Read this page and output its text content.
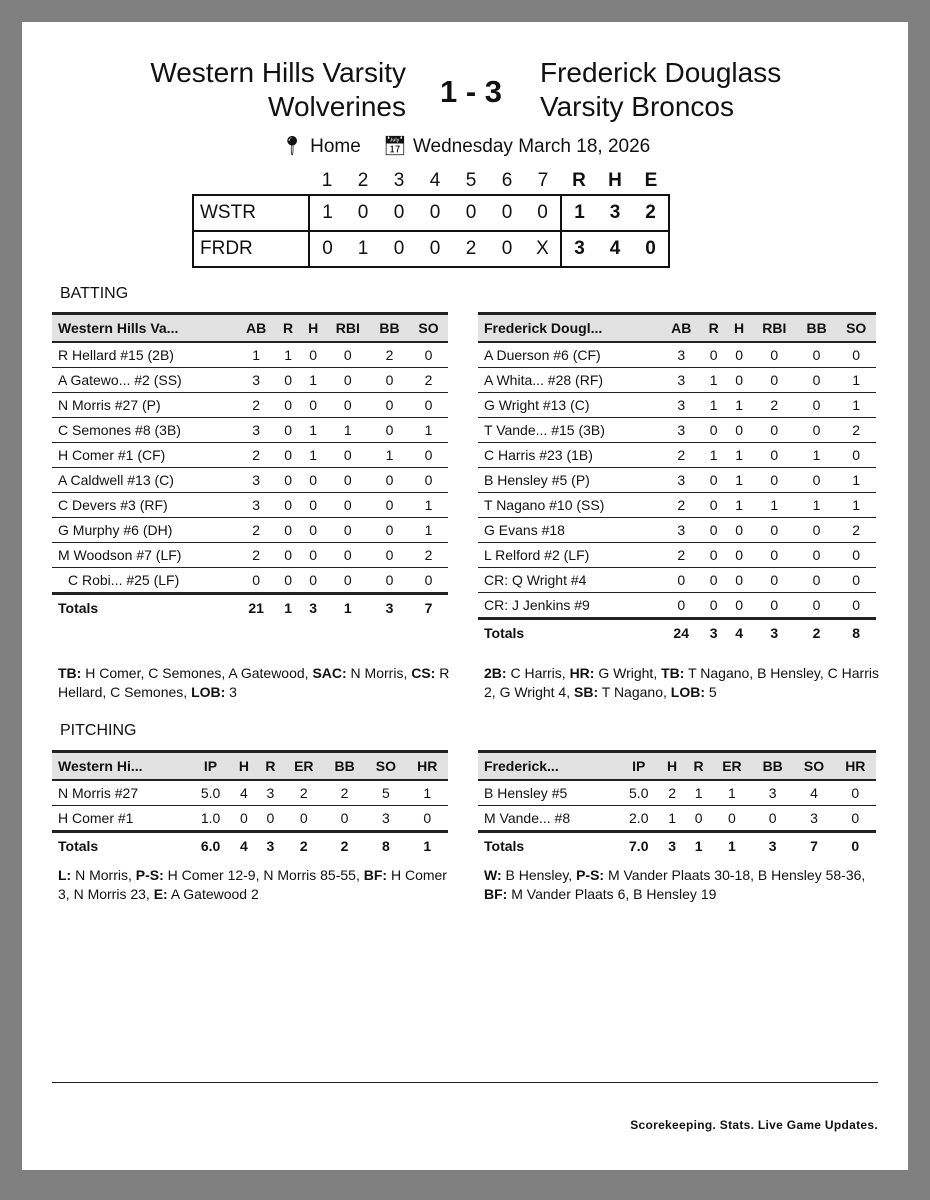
Western Hills Varsity
Wolverines 1 - 3
Frederick Douglass
Varsity Broncos
📍︎ Home 📅︎ Wednesday March 18, 2026
	1	2	3	4	5	6	7	R	H	E
WSTR	1	0	0	0	0	0	0	1	3	2
FRDR	0	1	0	0	2	0	X	3	4	0
BATTING
Western Hills Va...	AB	R	H	RBI	BB	SO
R Hellard #15 (2B)	1	1	0	0	2	0
A Gatewo... #2 (SS)	3	0	1	0	0	2
N Morris #27 (P)	2	0	0	0	0	0
C Semones #8 (3B)	3	0	1	1	0	1
H Comer #1 (CF)	2	0	1	0	1	0
A Caldwell #13 (C)	3	0	0	0	0	0
C Devers #3 (RF)	3	0	0	0	0	1
G Murphy #6 (DH)	2	0	0	0	0	1
M Woodson #7 (LF)	2	0	0	0	0	2
C Robi... #25 (LF)	0	0	0	0	0	0
Totals	21	1	3	1	3	7
Frederick Dougl...	AB	R	H	RBI	BB	SO
A Duerson #6 (CF)	3	0	0	0	0	0
A Whita... #28 (RF)	3	1	0	0	0	1
G Wright #13 (C)	3	1	1	2	0	1
T Vande... #15 (3B)	3	0	0	0	0	2
C Harris #23 (1B)	2	1	1	0	1	0
B Hensley #5 (P)	3	0	1	0	0	1
T Nagano #10 (SS)	2	0	1	1	1	1
G Evans #18	3	0	0	0	0	2
L Relford #2 (LF)	2	0	0	0	0	0
CR: Q Wright #4	0	0	0	0	0	0
CR: J Jenkins #9	0	0	0	0	0	0
Totals	24	3	4	3	2	8
TB: H Comer, C Semones, A Gatewood, SAC: N Morris, CS: R Hellard, C Semones, LOB: 3
2B: C Harris, HR: G Wright, TB: T Nagano, B Hensley, C Harris 2, G Wright 4, SB: T Nagano, LOB: 5
PITCHING
Western Hi...	IP	H	R	ER	BB	SO	HR
N Morris #27	5.0	4	3	2	2	5	1
H Comer #1	1.0	0	0	0	0	3	0
Totals	6.0	4	3	2	2	8	1
Frederick...	IP	H	R	ER	BB	SO	HR
B Hensley #5	5.0	2	1	1	3	4	0
M Vande... #8	2.0	1	0	0	0	3	0
Totals	7.0	3	1	1	3	7	0
L: N Morris, P-S: H Comer 12-9, N Morris 85-55, BF: H Comer 3, N Morris 23, E: A Gatewood 2
W: B Hensley, P-S: M Vander Plaats 30-18, B Hensley 58-36, BF: M Vander Plaats 6, B Hensley 19
Scorekeeping. Stats. Live Game Updates.
